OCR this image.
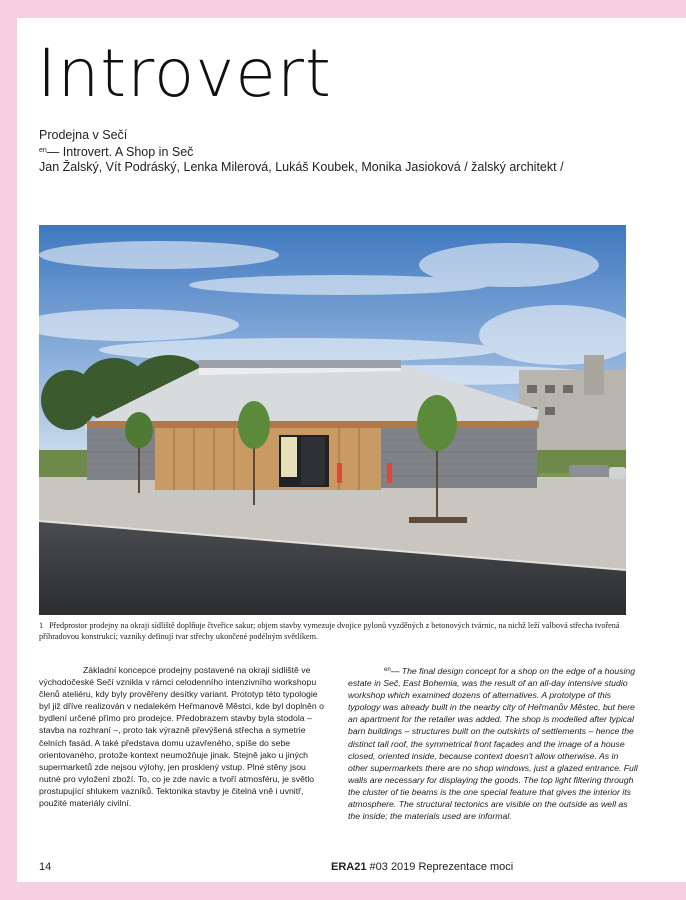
Introvert
Prodejna v Sečí
$^{en}$— Introvert. A Shop in Seč
Jan Žalský, Vít Podráský, Lenka Milerová, Lukáš Koubek, Monika Jasioková / žalský architekt /
1 Předprostor prodejny na okraji sídliště doplňuje čtveřice sakur; objem stavby vymezuje dvojice pylonů vyzděných z betonových tvárnic, na nichž leží valbová střecha tvořená příhradovou konstrukcí; vazníky definují tvar střechy ukončené podélným světlíkem.

Základní koncepce prodejny postavené na okraji sídliště ve východočeské Sečí vznikla v rámci celodenního intenzivního workshopu členů ateliéru, kdy byly prověřeny desítky variant. Prototyp této typologie byl již dříve realizován v nedalekém Heřmanově Městci, kde byl doplněn o bydlení určené přímo pro prodejce. Předobrazem stavby byla stodola – stavba na rozhraní –, proto tak výrazně převýšená střecha a symetrie čelních fasád. A také představa domu uzavřeného, spíše do sebe orientovaného, protože kontext neumožňuje jinak. Stejně jako u jiných supermarketů zde nejsou výlohy, jen prosklený vstup. Plné stěny jsou nutné pro vyložení zboží. To, co je zde navíc a tvoří atmosféru, je světlo prostupující shlukem vazníků. Tektonika stavby je čitelná vně i uvnitř, použité materiály civilní.

$^{en}$— The final design concept for a shop on the edge of a housing estate in Seč, East Bohemia, was the result of an all-day intensive studio workshop which examined dozens of alternatives. A prototype of this typology was already built in the nearby city of Heřmanův Městec, but here an apartment for the retailer was added. The shop is modelled after typical barn buildings – structures built on the outskirts of settlements – hence the distinct tall roof, the symmetrical front façades and the image of a house closed, oriented inside, because context doesn't allow otherwise. As in other supermarkets there are no shop windows, just a glazed entrance. Full walls are necessary for displaying the goods. The top light filtering through the cluster of tie beams is the one special feature that gives the interior its atmosphere. The structural tectonics are visible on the outside as well as the inside; the materials used are informal.

14	ERA21 #03 2019 Reprezentace moci
